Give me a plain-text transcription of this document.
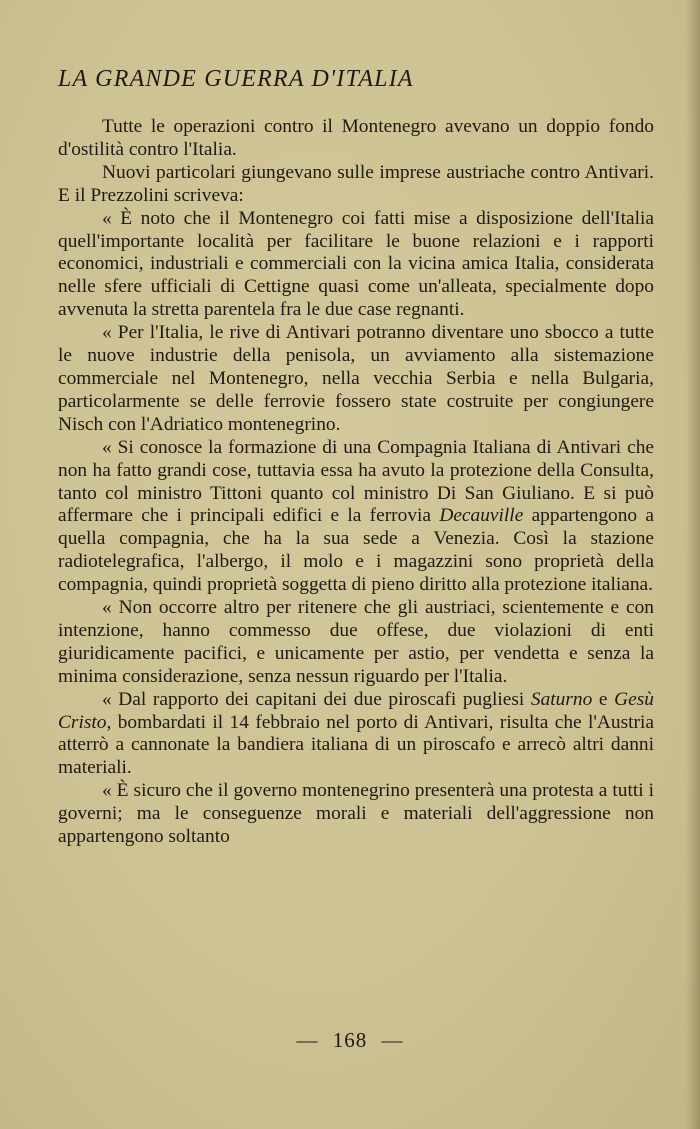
LA GRANDE GUERRA D'ITALIA

Tutte le operazioni contro il Montenegro avevano un doppio fondo d'ostilità contro l'Italia.

Nuovi particolari giungevano sulle imprese austriache contro Antivari. E il Prezzolini scriveva:

« È noto che il Montenegro coi fatti mise a disposizione dell'Italia quell'importante località per facilitare le buone relazioni e i rapporti economici, industriali e commerciali con la vicina amica Italia, considerata nelle sfere ufficiali di Cettigne quasi come un'alleata, specialmente dopo avvenuta la stretta parentela fra le due case regnanti.

« Per l'Italia, le rive di Antivari potranno diventare uno sbocco a tutte le nuove industrie della penisola, un avviamento alla sistemazione commerciale nel Montenegro, nella vecchia Serbia e nella Bulgaria, particolarmente se delle ferrovie fossero state costruite per congiungere Nisch con l'Adriatico montenegrino.

« Si conosce la formazione di una Compagnia Italiana di Antivari che non ha fatto grandi cose, tuttavia essa ha avuto la protezione della Consulta, tanto col ministro Tittoni quanto col ministro Di San Giuliano. E si può affermare che i principali edifici e la ferrovia Decauville appartengono a quella compagnia, che ha la sua sede a Venezia. Così la stazione radiotelegrafica, l'albergo, il molo e i magazzini sono proprietà della compagnia, quindi proprietà soggetta di pieno diritto alla protezione italiana.

« Non occorre altro per ritenere che gli austriaci, scientemente e con intenzione, hanno commesso due offese, due violazioni di enti giuridicamente pacifici, e unicamente per astio, per vendetta e senza la minima considerazione, senza nessun riguardo per l'Italia.

« Dal rapporto dei capitani dei due piroscafi pugliesi Saturno e Gesù Cristo, bombardati il 14 febbraio nel porto di Antivari, risulta che l'Austria atterrò a cannonate la bandiera italiana di un piroscafo e arrecò altri danni materiali.

« È sicuro che il governo montenegrino presenterà una protesta a tutti i governi; ma le conseguenze morali e materiali dell'aggressione non appartengono soltanto

— 168 —
